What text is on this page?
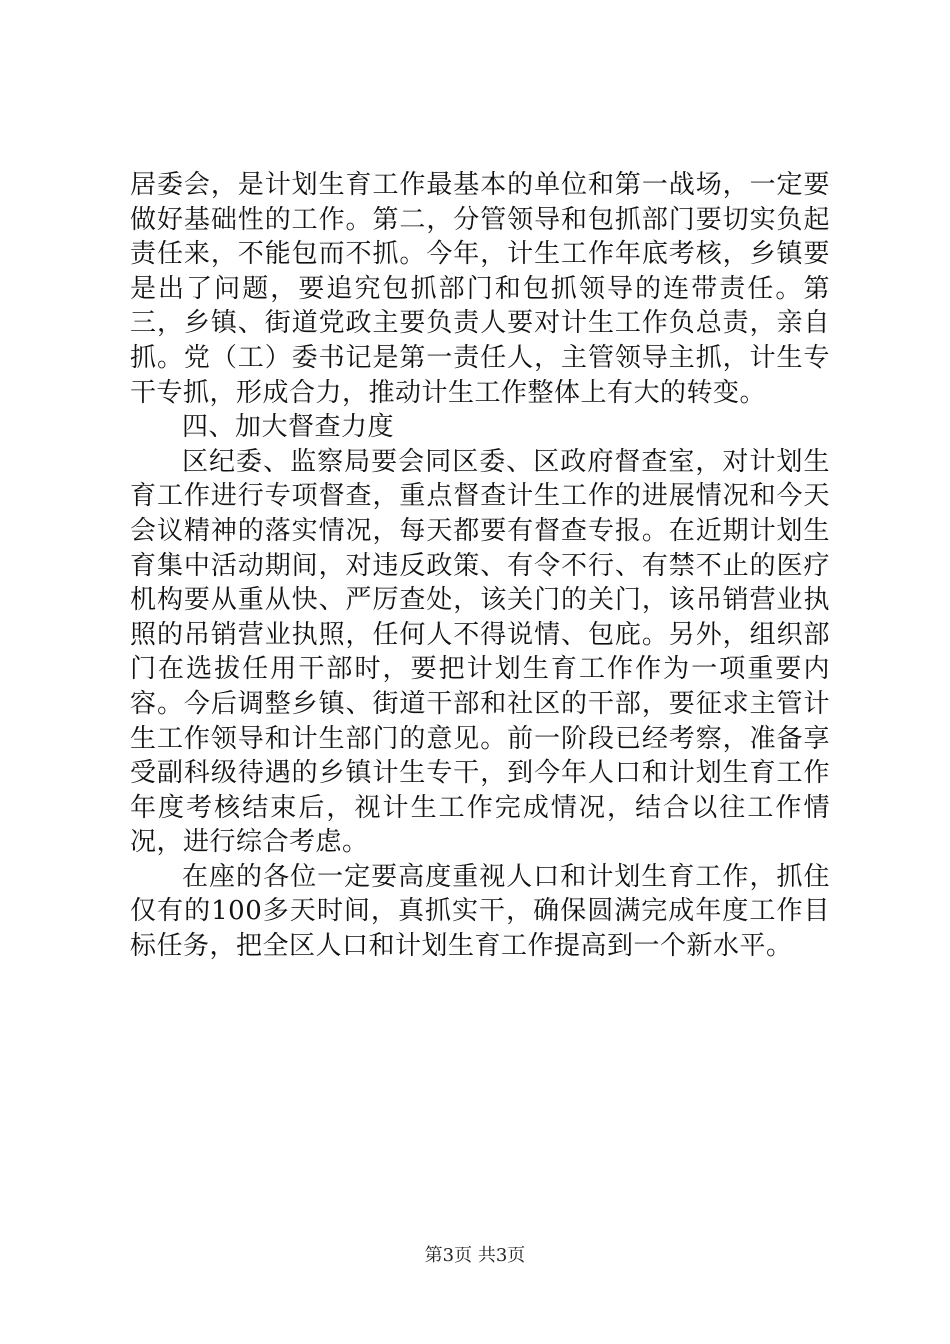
居委会，是计划生育工作最基本的单位和第一战场，一定要做好基础性的工作。第二，分管领导和包抓部门要切实负起责任来，不能包而不抓。今年，计生工作年底考核，乡镇要是出了问题，要追究包抓部门和包抓领导的连带责任。第三，乡镇、街道党政主要负责人要对计生工作负总责，亲自抓。党（工）委书记是第一责任人，主管领导主抓，计生专干专抓，形成合力，推动计生工作整体上有大的转变。

四、加大督查力度

区纪委、监察局要会同区委、区政府督查室，对计划生育工作进行专项督查，重点督查计生工作的进展情况和今天会议精神的落实情况，每天都要有督查专报。在近期计划生育集中活动期间，对违反政策、有令不行、有禁不止的医疗机构要从重从快、严厉查处，该关门的关门，该吊销营业执照的吊销营业执照，任何人不得说情、包庇。另外，组织部门在选拔任用干部时，要把计划生育工作作为一项重要内容。今后调整乡镇、街道干部和社区的干部，要征求主管计生工作领导和计生部门的意见。前一阶段已经考察，准备享受副科级待遇的乡镇计生专干，到今年人口和计划生育工作年度考核结束后，视计生工作完成情况，结合以往工作情况，进行综合考虑。

在座的各位一定要高度重视人口和计划生育工作，抓住仅有的100多天时间，真抓实干，确保圆满完成年度工作目标任务，把全区人口和计划生育工作提高到一个新水平。

第3页 共3页
